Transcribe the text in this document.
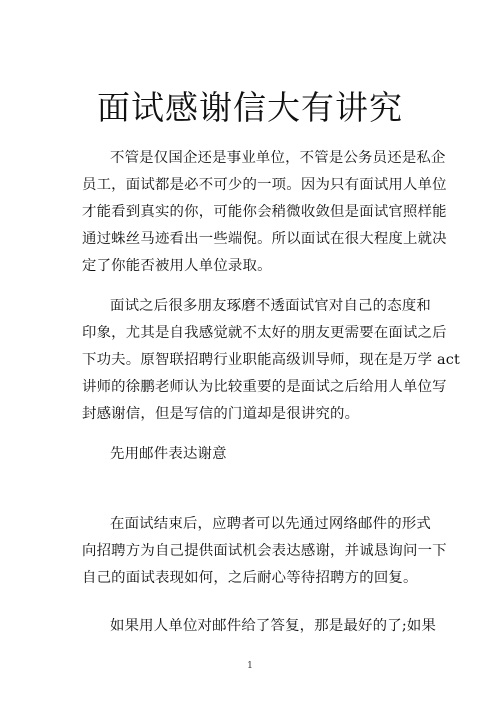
面试感谢信大有讲究
不管是仅国企还是事业单位，不管是公务员还是私企
员工，面试都是必不可少的一项。因为只有面试用人单位
才能看到真实的你，可能你会稍微收敛但是面试官照样能
通过蛛丝马迹看出一些端倪。所以面试在很大程度上就决
定了你能否被用人单位录取。
面试之后很多朋友琢磨不透面试官对自己的态度和
印象，尤其是自我感觉就不太好的朋友更需要在面试之后
下功夫。原智联招聘行业职能高级训导师，现在是万学 act
讲师的徐鹏老师认为比较重要的是面试之后给用人单位写
封感谢信，但是写信的门道却是很讲究的。
先用邮件表达谢意
在面试结束后，应聘者可以先通过网络邮件的形式
向招聘方为自己提供面试机会表达感谢，并诚恳询问一下
自己的面试表现如何，之后耐心等待招聘方的回复。
如果用人单位对邮件给了答复，那是最好的了;如果
1
